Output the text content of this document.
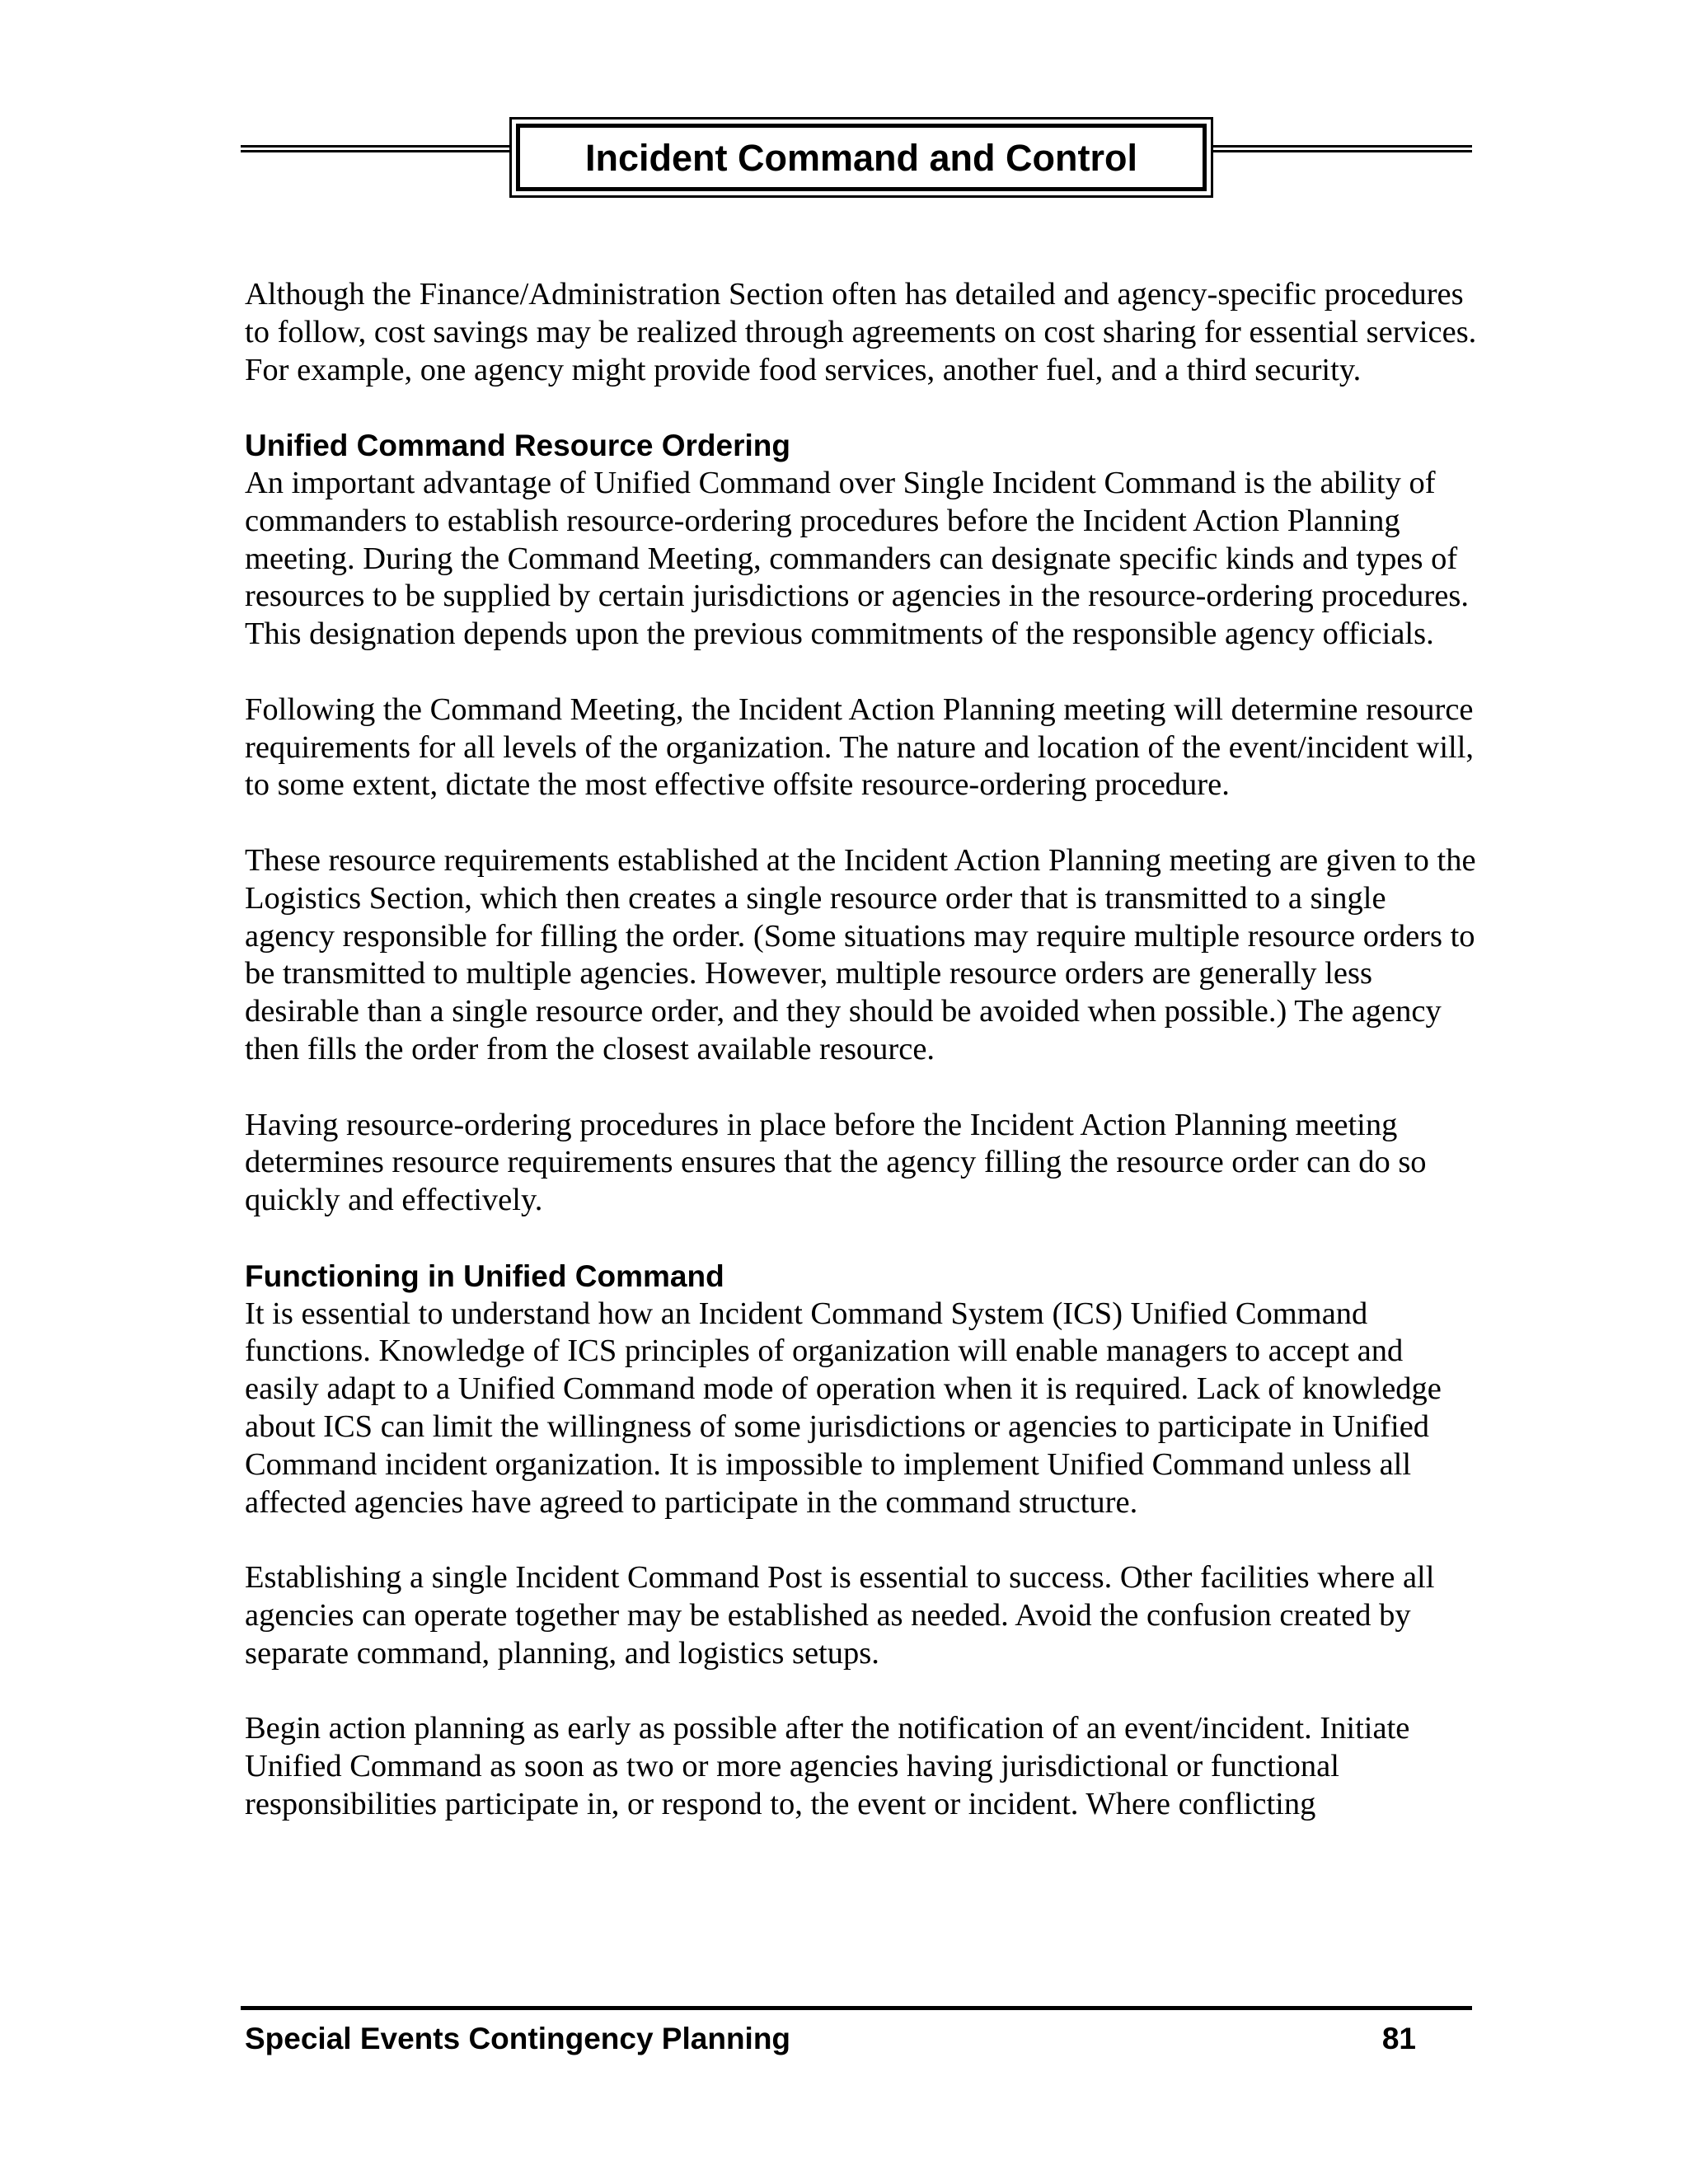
Incident Command and Control

Although the Finance/Administration Section often has detailed and agency-specific procedures to follow, cost savings may be realized through agreements on cost sharing for essential services. For example, one agency might provide food services, another fuel, and a third security.

Unified Command Resource Ordering

An important advantage of Unified Command over Single Incident Command is the ability of commanders to establish resource-ordering procedures before the Incident Action Planning meeting. During the Command Meeting, commanders can designate specific kinds and types of resources to be supplied by certain jurisdictions or agencies in the resource-ordering procedures. This designation depends upon the previous commitments of the responsible agency officials.

Following the Command Meeting, the Incident Action Planning meeting will determine resource requirements for all levels of the organization. The nature and location of the event/incident will, to some extent, dictate the most effective offsite resource-ordering procedure.

These resource requirements established at the Incident Action Planning meeting are given to the Logistics Section, which then creates a single resource order that is transmitted to a single agency responsible for filling the order. (Some situations may require multiple resource orders to be transmitted to multiple agencies. However, multiple resource orders are generally less desirable than a single resource order, and they should be avoided when possible.) The agency then fills the order from the closest available resource.

Having resource-ordering procedures in place before the Incident Action Planning meeting determines resource requirements ensures that the agency filling the resource order can do so quickly and effectively.

Functioning in Unified Command

It is essential to understand how an Incident Command System (ICS) Unified Command functions. Knowledge of ICS principles of organization will enable managers to accept and easily adapt to a Unified Command mode of operation when it is required. Lack of knowledge about ICS can limit the willingness of some jurisdictions or agencies to participate in Unified Command incident organization. It is impossible to implement Unified Command unless all affected agencies have agreed to participate in the command structure.

Establishing a single Incident Command Post is essential to success. Other facilities where all agencies can operate together may be established as needed. Avoid the confusion created by separate command, planning, and logistics setups.

Begin action planning as early as possible after the notification of an event/incident. Initiate Unified Command as soon as two or more agencies having jurisdictional or functional responsibilities participate in, or respond to, the event or incident. Where conflicting

Special Events Contingency Planning	81
